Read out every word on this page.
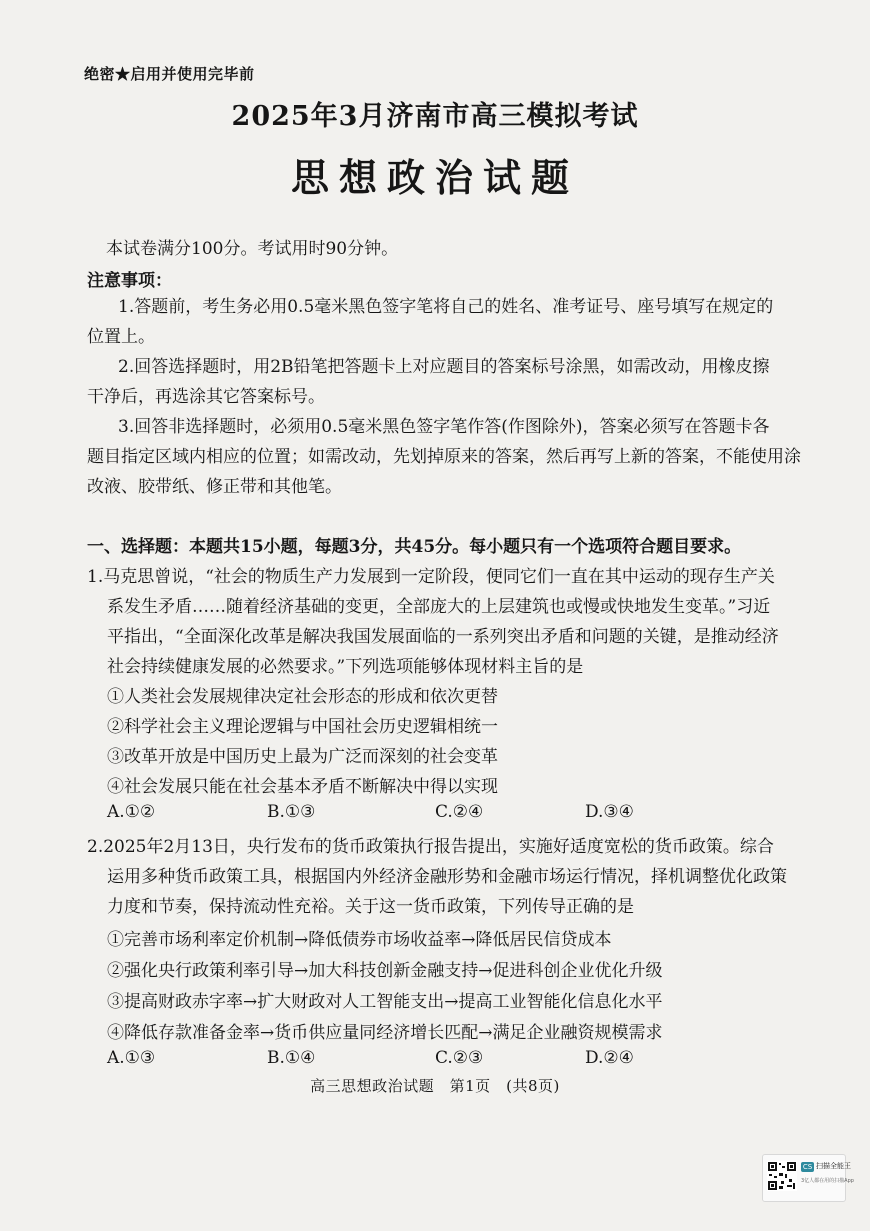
绝密★启用并使用完毕前
2025年3月济南市高三模拟考试
思想政治试题
本试卷满分100分。考试用时90分钟。
注意事项：
1.答题前，考生务必用0.5毫米黑色签字笔将自己的姓名、准考证号、座号填写在规定的
位置上。
2.回答选择题时，用2B铅笔把答题卡上对应题目的答案标号涂黑，如需改动，用橡皮擦
干净后，再选涂其它答案标号。
3.回答非选择题时，必须用0.5毫米黑色签字笔作答(作图除外)，答案必须写在答题卡各
题目指定区域内相应的位置；如需改动，先划掉原来的答案，然后再写上新的答案，不能使用涂
改液、胶带纸、修正带和其他笔。
一、选择题：本题共15小题，每题3分，共45分。每小题只有一个选项符合题目要求。
1.马克思曾说，“社会的物质生产力发展到一定阶段，便同它们一直在其中运动的现存生产关
系发生矛盾……随着经济基础的变更，全部庞大的上层建筑也或慢或快地发生变革。”习近
平指出，“全面深化改革是解决我国发展面临的一系列突出矛盾和问题的关键，是推动经济
社会持续健康发展的必然要求。”下列选项能够体现材料主旨的是
①人类社会发展规律决定社会形态的形成和依次更替
②科学社会主义理论逻辑与中国社会历史逻辑相统一
③改革开放是中国历史上最为广泛而深刻的社会变革
④社会发展只能在社会基本矛盾不断解决中得以实现
A.①②	B.①③	C.②④	D.③④
2.2025年2月13日，央行发布的货币政策执行报告提出，实施好适度宽松的货币政策。综合
运用多种货币政策工具，根据国内外经济金融形势和金融市场运行情况，择机调整优化政策
力度和节奏，保持流动性充裕。关于这一货币政策，下列传导正确的是
①完善市场利率定价机制→降低债券市场收益率→降低居民信贷成本
②强化央行政策利率引导→加大科技创新金融支持→促进科创企业优化升级
③提高财政赤字率→扩大财政对人工智能支出→提高工业智能化信息化水平
④降低存款准备金率→货币供应量同经济增长匹配→满足企业融资规模需求
A.①③	B.①④	C.②③	D.②④
高三思想政治试题　第1页　(共8页)
CS 扫描全能王
3亿人都在用的扫描App
